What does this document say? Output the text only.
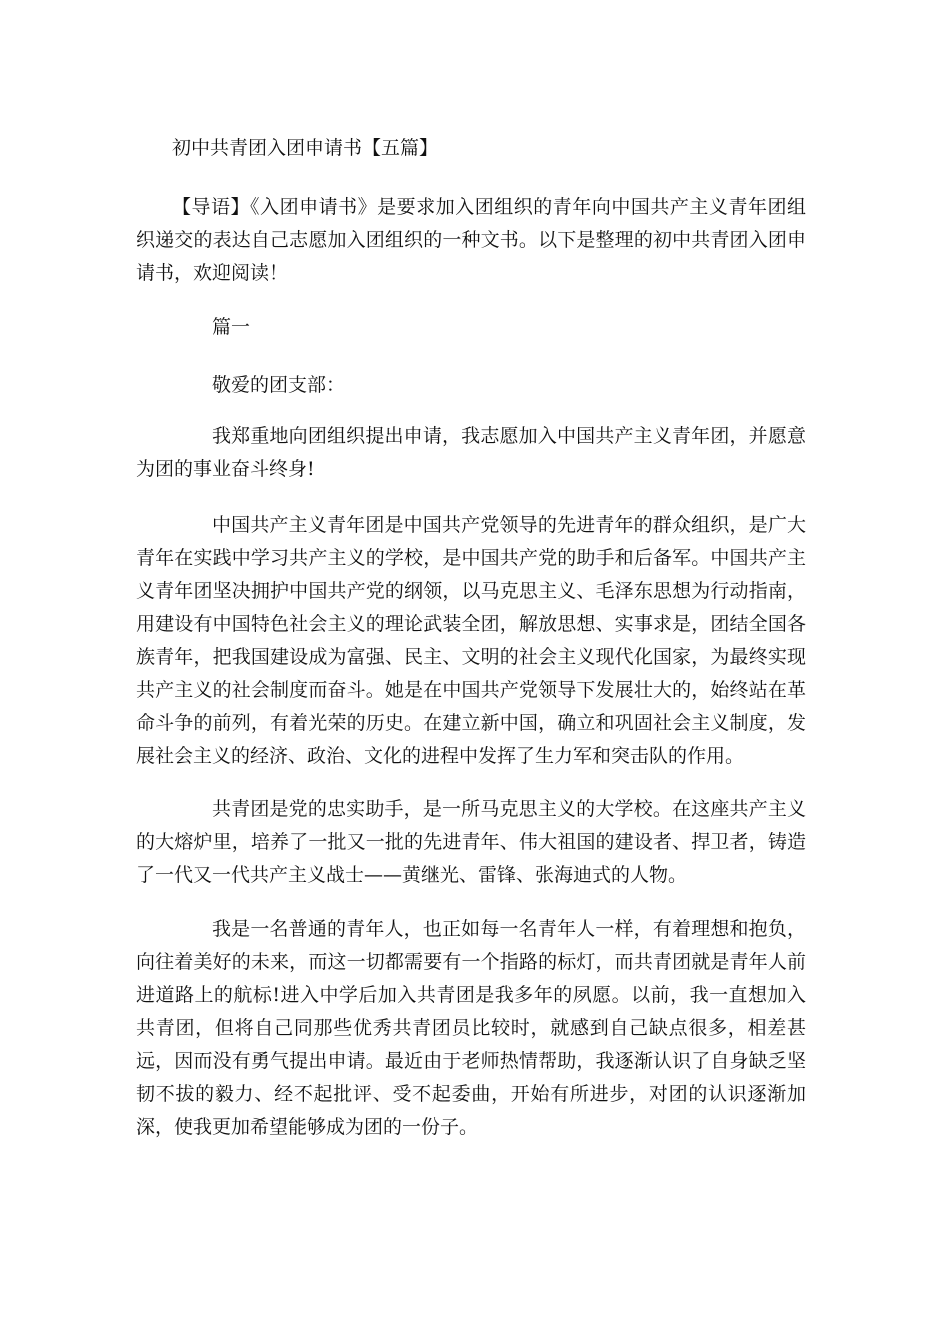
初中共青团入团申请书【五篇】

【导语】《入团申请书》是要求加入团组织的青年向中国共产主义青年团组织递交的表达自己志愿加入团组织的一种文书。以下是整理的初中共青团入团申请书，欢迎阅读！

篇一

敬爱的团支部：

我郑重地向团组织提出申请，我志愿加入中国共产主义青年团，并愿意为团的事业奋斗终身!

中国共产主义青年团是中国共产党领导的先进青年的群众组织，是广大青年在实践中学习共产主义的学校，是中国共产党的助手和后备军。中国共产主义青年团坚决拥护中国共产党的纲领，以马克思主义、毛泽东思想为行动指南，用建设有中国特色社会主义的理论武装全团，解放思想、实事求是，团结全国各族青年，把我国建设成为富强、民主、文明的社会主义现代化国家，为最终实现共产主义的社会制度而奋斗。她是在中国共产党领导下发展壮大的，始终站在革命斗争的前列，有着光荣的历史。在建立新中国，确立和巩固社会主义制度，发展社会主义的经济、政治、文化的进程中发挥了生力军和突击队的作用。

共青团是党的忠实助手，是一所马克思主义的大学校。在这座共产主义的大熔炉里，培养了一批又一批的先进青年、伟大祖国的建设者、捍卫者，铸造了一代又一代共产主义战士——黄继光、雷锋、张海迪式的人物。

我是一名普通的青年人，也正如每一名青年人一样，有着理想和抱负，向往着美好的未来，而这一切都需要有一个指路的标灯，而共青团就是青年人前进道路上的航标!进入中学后加入共青团是我多年的夙愿。以前，我一直想加入共青团，但将自己同那些优秀共青团员比较时，就感到自己缺点很多，相差甚远，因而没有勇气提出申请。最近由于老师热情帮助，我逐渐认识了自身缺乏坚韧不拔的毅力、经不起批评、受不起委曲，开始有所进步，对团的认识逐渐加深，使我更加希望能够成为团的一份子。
